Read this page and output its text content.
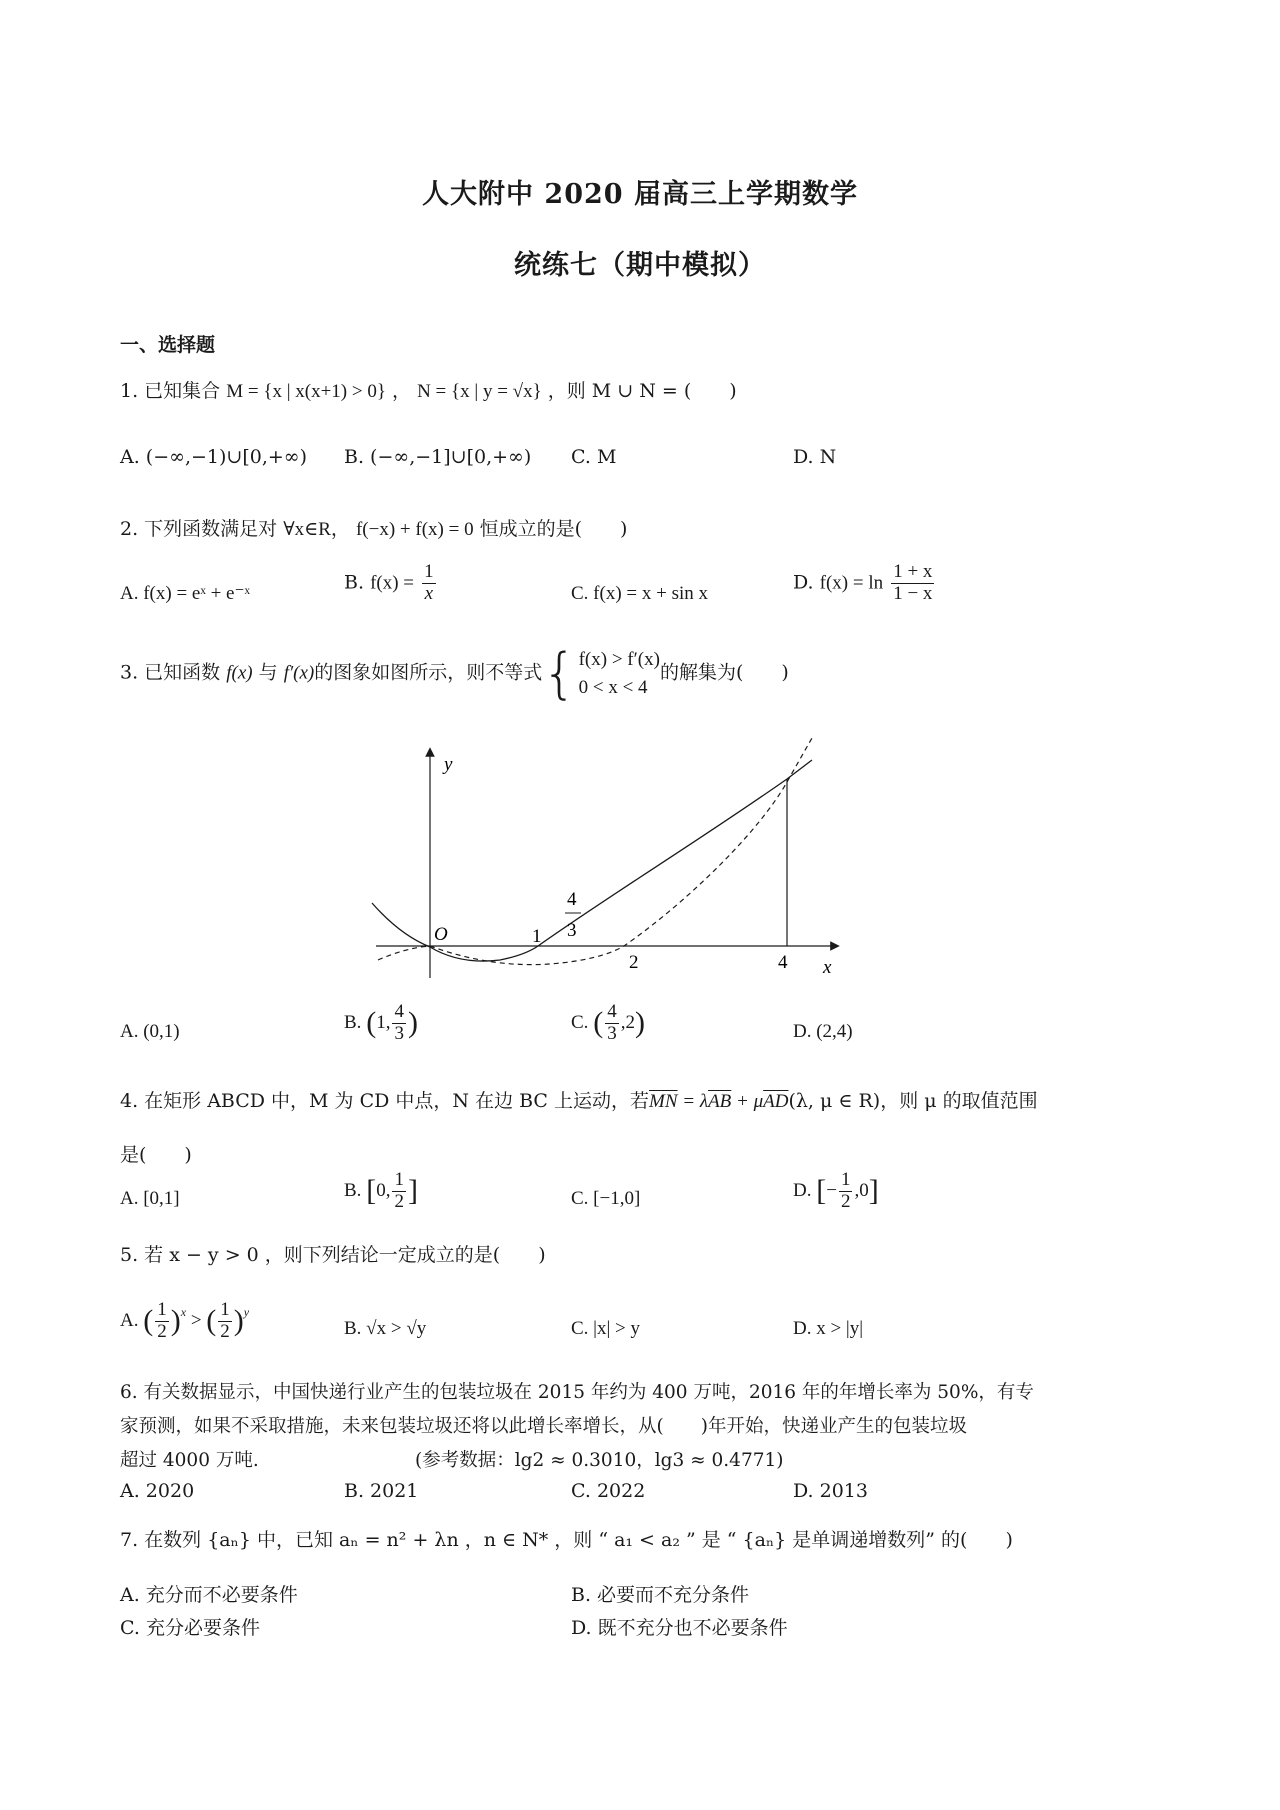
人大附中 2020 届高三上学期数学
统练七（期中模拟）
一、选择题
1. 已知集合 M = {x | x(x+1) > 0} ， N = {x | y = √x} ，则 M ∪ N = (　　)
A. (−∞,−1)∪[0,+∞) B. (−∞,−1]∪[0,+∞) C. M	D. N
2. 下列函数满足对 ∀x∈R， f(−x) + f(x) = 0 恒成立的是(　　)
A. f(x) = eˣ + e⁻ˣ
B. $f(x) = \frac{1}{x}$	C. f(x) = x + sin x
D. $f(x) = \ln \frac{1 + x}{1 - x}$
3. 已知函数 f(x) 与 f′(x)的图象如图所示，则不等式 { f(x) > f′(x)
0 < x < 4
的解集为(　　)
y
x
O	1
4
3
2	4
A. (0,1)	B. (1, $\frac{4}{3}$ )	C. ( $\frac{4}{3} ,2$)	D. (2,4)
4. 在矩形 ABCD 中，M 为 CD 中点，N 在边 BC 上运动，若$\overline{MN} = \lambda\overline{AB} + \mu\overline{AD}(\lambda$, μ ∈ R)，则 μ 的取值范围
是(　　)
A. [0,1]	B. [0, $\frac{1}{2}$ ]	C. [−1,0]	D. [− $\frac{1}{2} ,0$]
5. 若 x − y > 0 ，则下列结论一定成立的是(　　)
A. ( $\frac{1}{2} )^x$ > ( $\frac{1}{2} )^y$
B. √x > √y	C. |x| > y	D. x > |y|
6. 有关数据显示，中国快递行业产生的包装垃圾在 2015 年约为 400 万吨，2016 年的年增长率为 50%，有专
家预测，如果不采取措施，未来包装垃圾还将以此增长率增长，从(　　)年开始，快递业产生的包装垃圾
超过 4000 万吨.	(参考数据：lg2 ≈ 0.3010，lg3 ≈ 0.4771)
A. 2020	B. 2021	C. 2022	D. 2013
7. 在数列 {aₙ} 中，已知 aₙ = n² + λn ，n ∈ N* ，则 “ a₁ < a₂ ” 是 “ {aₙ} 是单调递增数列” 的(　　)
A. 充分而不必要条件	B. 必要而不充分条件
C. 充分必要条件	D. 既不充分也不必要条件
